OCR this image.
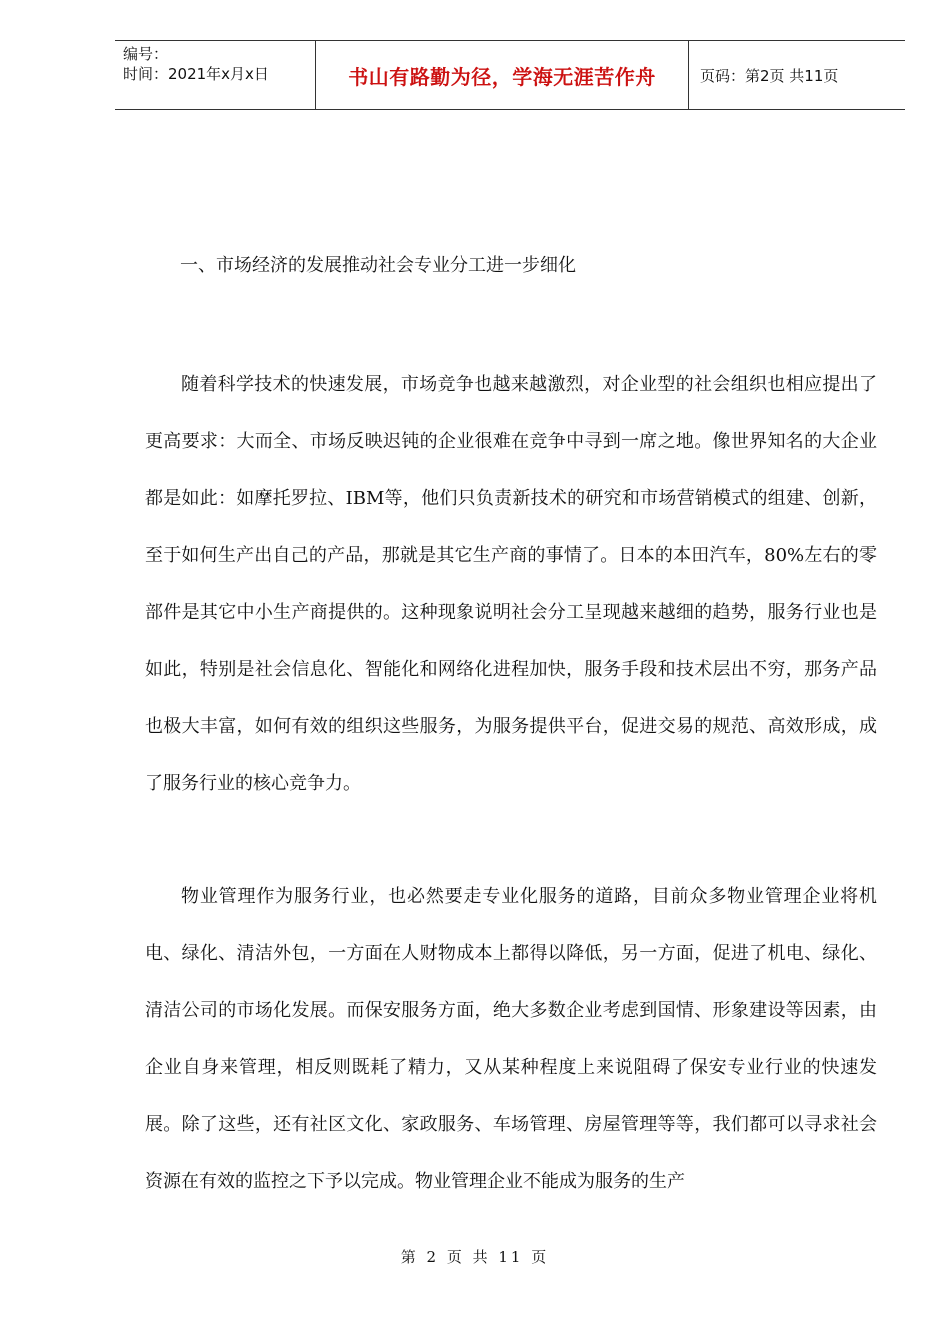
编号：
时间：2021年x月x日	书山有路勤为径，学海无涯苦作舟	页码：第2页 共11页
一、市场经济的发展推动社会专业分工进一步细化

随着科学技术的快速发展，市场竞争也越来越激烈，对企业型的社会组织也相应提出了更高要求：大而全、市场反映迟钝的企业很难在竞争中寻到一席之地。像世界知名的大企业都是如此：如摩托罗拉、IBM等，他们只负责新技术的研究和市场营销模式的组建、创新，至于如何生产出自己的产品，那就是其它生产商的事情了。日本的本田汽车，80%左右的零部件是其它中小生产商提供的。这种现象说明社会分工呈现越来越细的趋势，服务行业也是如此，特别是社会信息化、智能化和网络化进程加快，服务手段和技术层出不穷，那务产品也极大丰富，如何有效的组织这些服务，为服务提供平台，促进交易的规范、高效形成，成了服务行业的核心竞争力。

物业管理作为服务行业，也必然要走专业化服务的道路，目前众多物业管理企业将机电、绿化、清洁外包，一方面在人财物成本上都得以降低，另一方面，促进了机电、绿化、清洁公司的市场化发展。而保安服务方面，绝大多数企业考虑到国情、形象建设等因素，由企业自身来管理，相反则既耗了精力，又从某种程度上来说阻碍了保安专业行业的快速发展。除了这些，还有社区文化、家政服务、车场管理、房屋管理等等，我们都可以寻求社会资源在有效的监控之下予以完成。物业管理企业不能成为服务的生产

第 2 页 共 11 页
